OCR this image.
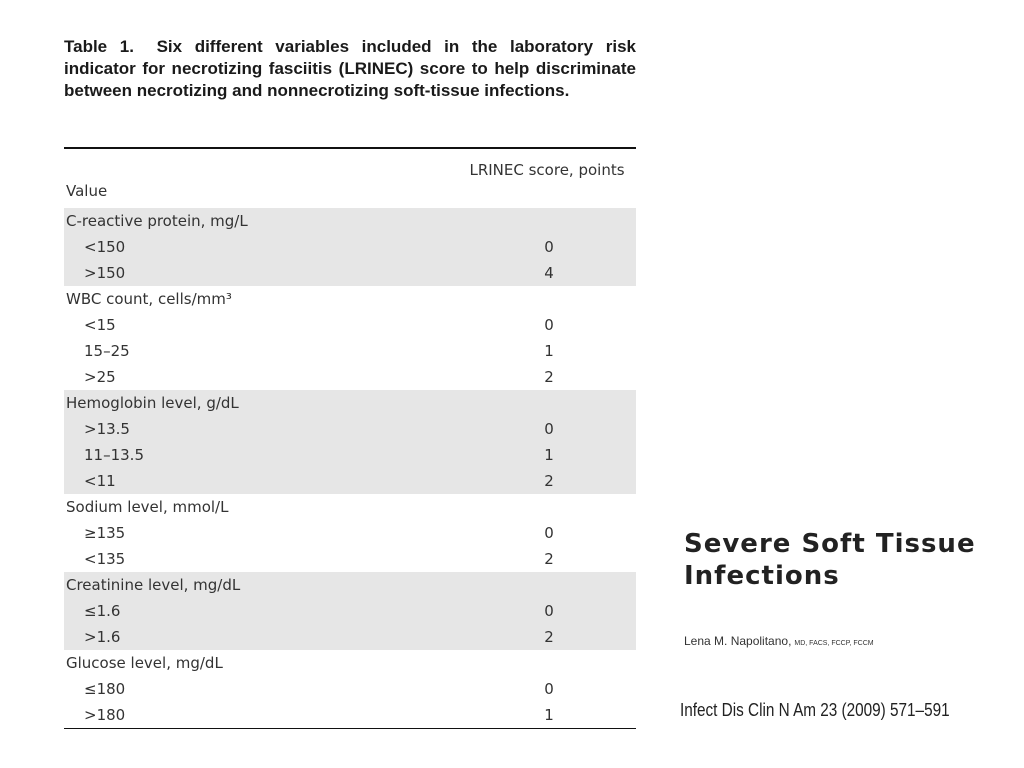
Table 1. Six different variables included in the laboratory risk indicator for necrotizing fasciitis (LRINEC) score to help discriminate between necrotizing and nonnecrotizing soft-tissue infections.
Value
LRINEC score, points
C-reactive protein, mg/L
<150	0
>150	4
WBC count, cells/mm³
<15	0
15–25	1
>25	2
Hemoglobin level, g/dL
>13.5	0
11–13.5	1
<11	2
Sodium level, mmol/L
≥135	0
<135	2
Creatinine level, mg/dL
≤1.6	0
>1.6	2
Glucose level, mg/dL
≤180	0
>180	1
Severe Soft Tissue
Infections
Lena M. Napolitano, MD, FACS, FCCP, FCCM
Infect Dis Clin N Am 23 (2009) 571–591
